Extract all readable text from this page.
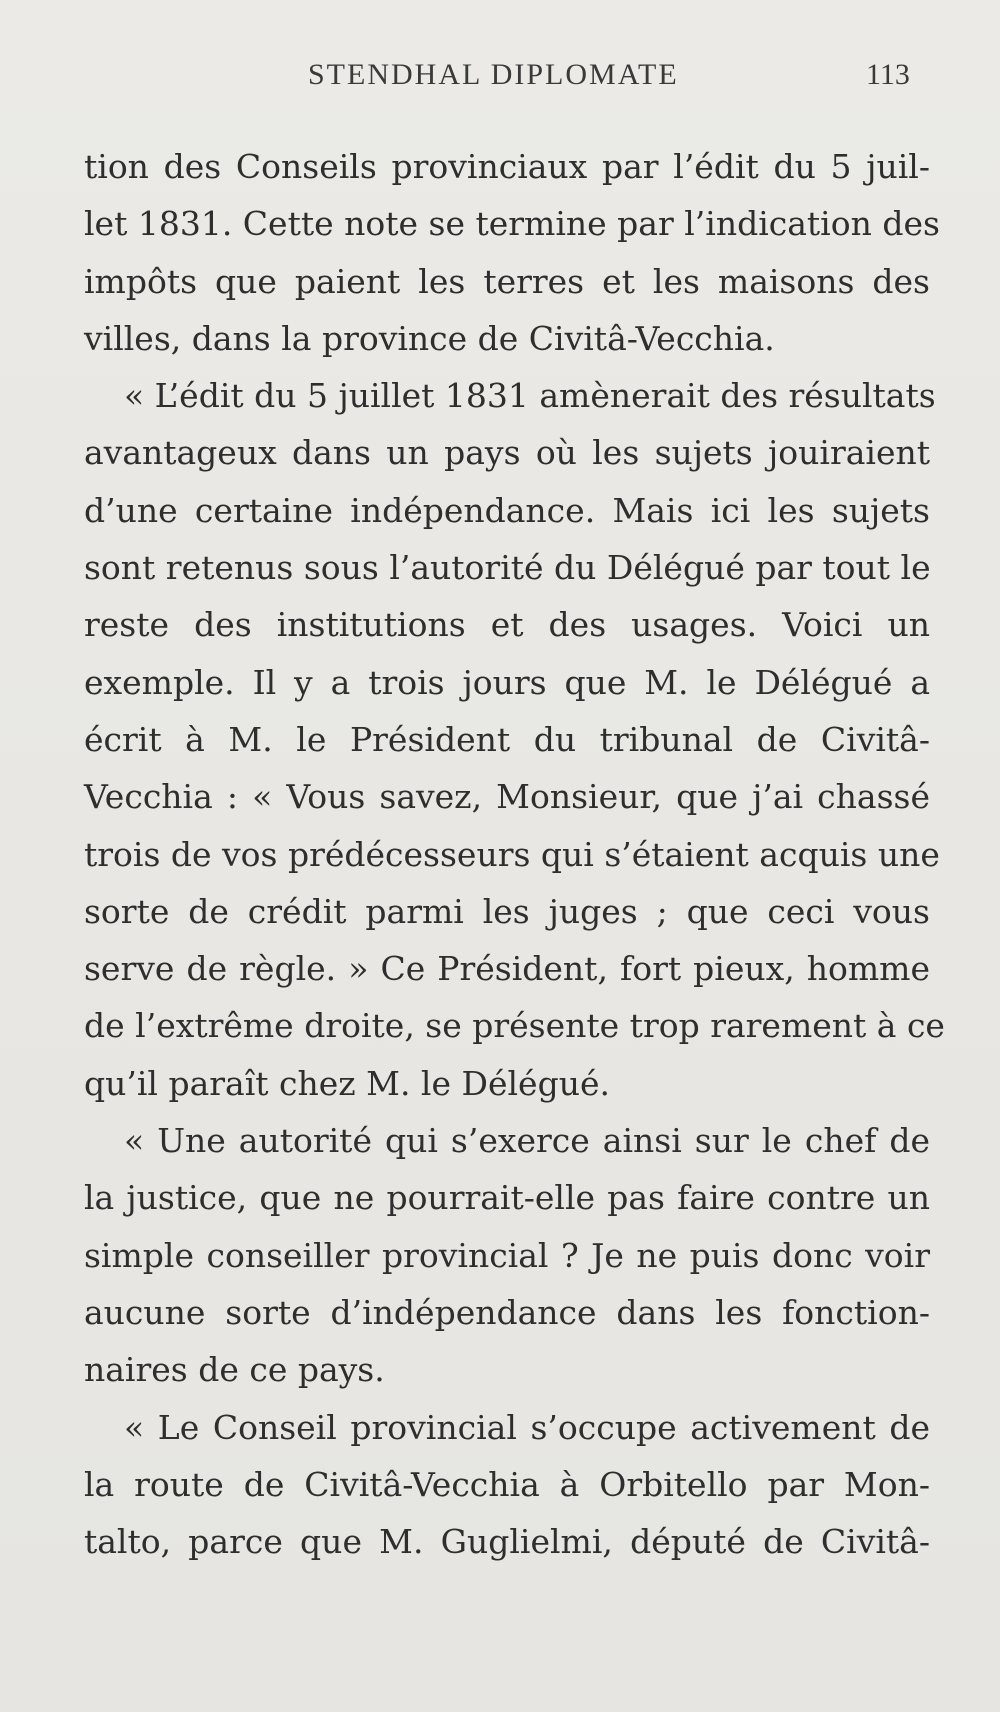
STENDHAL DIPLOMATE	113
tion des Conseils provinciaux par l’édit du 5 juil-
let 1831. Cette note se termine par l’indication des
impôts que paient les terres et les maisons des
villes, dans la province de Civitâ-Vecchia.
« L’édit du 5 juillet 1831 amènerait des résultats
avantageux dans un pays où les sujets jouiraient
d’une certaine indépendance. Mais ici les sujets
sont retenus sous l’autorité du Délégué par tout le
reste des institutions et des usages. Voici un
exemple. Il y a trois jours que M. le Délégué a
écrit à M. le Président du tribunal de Civitâ-
Vecchia : « Vous savez, Monsieur, que j’ai chassé
trois de vos prédécesseurs qui s’étaient acquis une
sorte de crédit parmi les juges ; que ceci vous
serve de règle. » Ce Président, fort pieux, homme
de l’extrême droite, se présente trop rarement à ce
qu’il paraît chez M. le Délégué.
« Une autorité qui s’exerce ainsi sur le chef de
la justice, que ne pourrait-elle pas faire contre un
simple conseiller provincial ? Je ne puis donc voir
aucune sorte d’indépendance dans les fonction-
naires de ce pays.
« Le Conseil provincial s’occupe activement de
la route de Civitâ-Vecchia à Orbitello par Mon-
talto, parce que M. Guglielmi, député de Civitâ-
